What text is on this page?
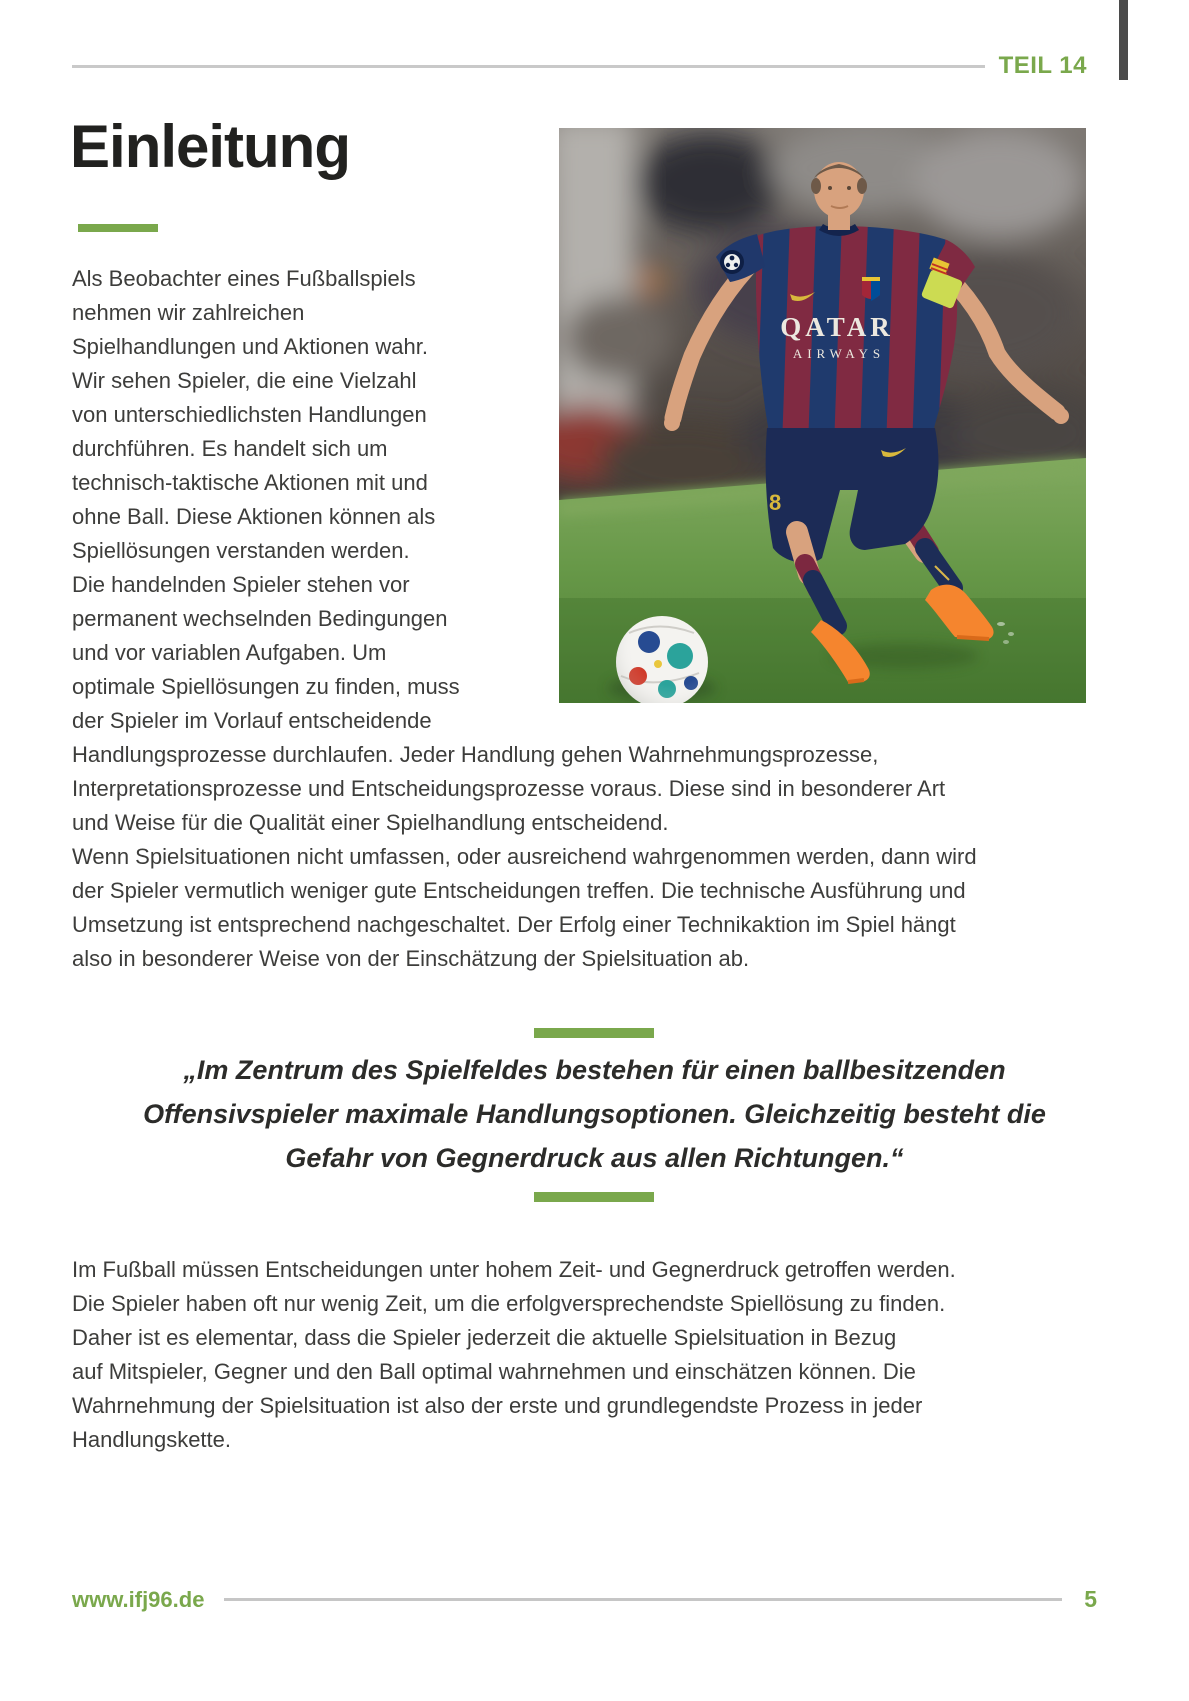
TEIL 14
Einleitung
QATAR
AIRWAYS
8
Als Beobachter eines Fußballspiels
nehmen wir zahlreichen
Spielhandlungen und Aktionen wahr.
Wir sehen Spieler, die eine Vielzahl
von unterschiedlichsten Handlungen
durchführen. Es handelt sich um
technisch-taktische Aktionen mit und
ohne Ball. Diese Aktionen können als
Spiellösungen verstanden werden.
Die handelnden Spieler stehen vor
permanent wechselnden Bedingungen
und vor variablen Aufgaben. Um
optimale Spiellösungen zu finden, muss
der Spieler im Vorlauf entscheidende
Handlungsprozesse durchlaufen. Jeder Handlung gehen Wahrnehmungsprozesse,
Interpretationsprozesse und Entscheidungsprozesse voraus. Diese sind in besonderer Art
und Weise für die Qualität einer Spielhandlung entscheidend.
Wenn Spielsituationen nicht umfassen, oder ausreichend wahrgenommen werden, dann wird
der Spieler vermutlich weniger gute Entscheidungen treffen. Die technische Ausführung und
Umsetzung ist entsprechend nachgeschaltet. Der Erfolg einer Technikaktion im Spiel hängt
also in besonderer Weise von der Einschätzung der Spielsituation ab.
„Im Zentrum des Spielfeldes bestehen für einen ballbesitzenden
Offensivspieler maximale Handlungsoptionen. Gleichzeitig besteht die
Gefahr von Gegnerdruck aus allen Richtungen.“
Im Fußball müssen Entscheidungen unter hohem Zeit- und Gegnerdruck getroffen werden.
Die Spieler haben oft nur wenig Zeit, um die erfolgversprechendste Spiellösung zu finden.
Daher ist es elementar, dass die Spieler jederzeit die aktuelle Spielsituation in Bezug
auf Mitspieler, Gegner und den Ball optimal wahrnehmen und einschätzen können. Die
Wahrnehmung der Spielsituation ist also der erste und grundlegendste Prozess in jeder
Handlungskette.
www.ifj96.de	5
